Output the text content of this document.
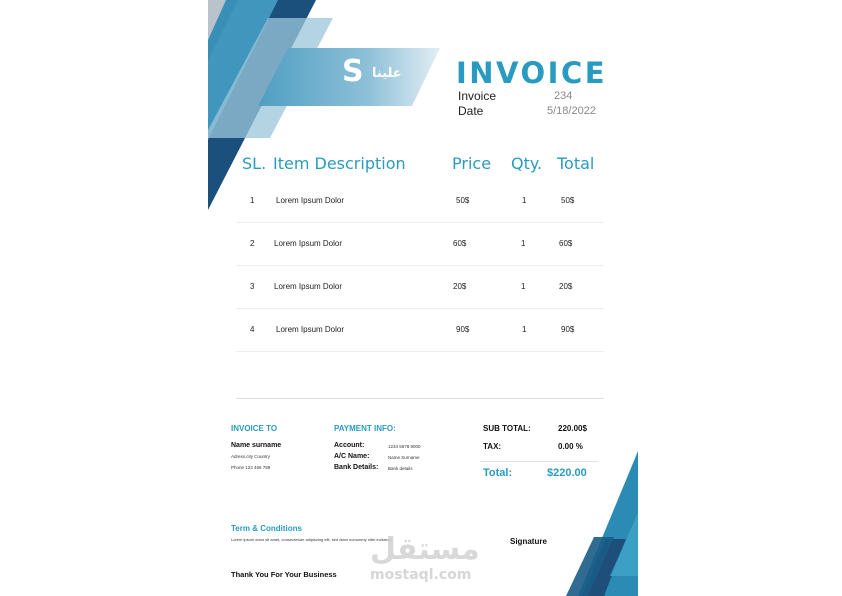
S علينا INVOICE
Invoice	234
Date	5/18/2022
SL. Item Description	Price Qty. Total
1	Lorem Ipsum Dolor	50$	1	50$
2 Lorem Ipsum Dolor	60$	1	60$
3 Lorem Ipsum Dolor	20$	1	20$
4	Lorem Ipsum Dolor	90$	1	90$
INVOICE TO
Name surname
Adress,city Country
Phone 123 456 789
PAYMENT INFO:
Account:	1234 5678 9000
A/C Name:	Name Surname
Bank Details: Bank details
SUB TOTAL:	220.00$
TAX:	0.00 %
Total:	$220.00
Term & Conditions
Lorem ipsum dolor sit amet, consectetuer adipiscing elit, sed diam nonummy nibh euismod	Signature
Thank You For Your Business
مستقل
mostaql.com
